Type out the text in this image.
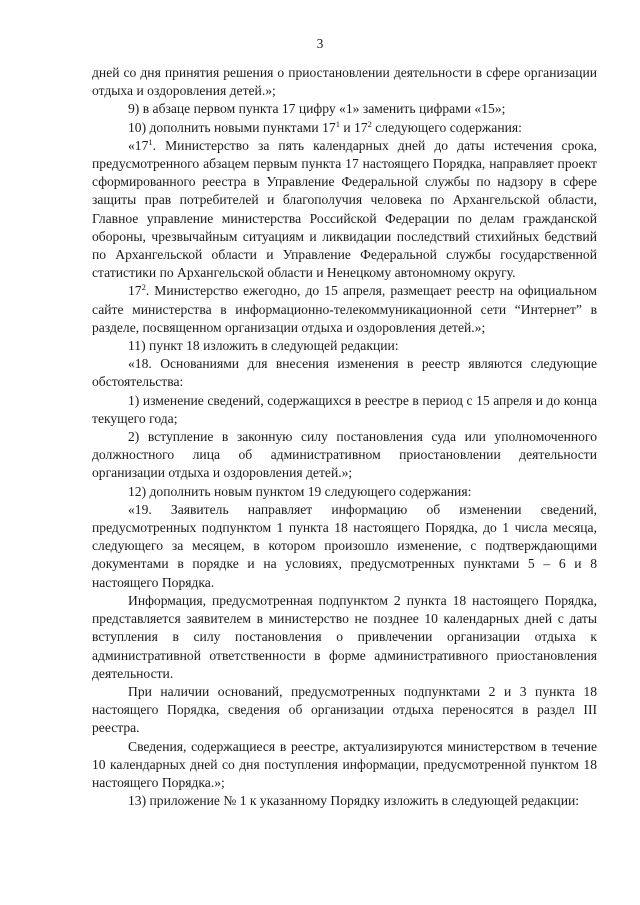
3

дней со дня принятия решения о приостановлении деятельности в сфере организации отдыха и оздоровления детей.»;

9) в абзаце первом пункта 17 цифру «1» заменить цифрами «15»;

10) дополнить новыми пунктами $17^1$ и $17^2$ следующего содержания:

«$17^1$. Министерство за пять календарных дней до даты истечения срока, предусмотренного абзацем первым пункта 17 настоящего Порядка, направляет проект сформированного реестра в Управление Федеральной службы по надзору в сфере защиты прав потребителей и благополучия человека по Архангельской области, Главное управление министерства Российской Федерации по делам гражданской обороны, чрезвычайным ситуациям и ликвидации последствий стихийных бедствий по Архангельской области и Управление Федеральной службы государственной статистики по Архангельской области и Ненецкому автономному округу.

$17^2$. Министерство ежегодно, до 15 апреля, размещает реестр на официальном сайте министерства в информационно-телекоммуникационной сети “Интернет” в разделе, посвященном организации отдыха и оздоровления детей.»;

11) пункт 18 изложить в следующей редакции:

«18. Основаниями для внесения изменения в реестр являются следующие обстоятельства:

1) изменение сведений, содержащихся в реестре в период с 15 апреля и до конца текущего года;

2) вступление в законную силу постановления суда или уполномоченного должностного лица об административном приостановлении деятельности организации отдыха и оздоровления детей.»;

12) дополнить новым пунктом 19 следующего содержания:

«19. Заявитель направляет информацию об изменении сведений, предусмотренных подпунктом 1 пункта 18 настоящего Порядка, до 1 числа месяца, следующего за месяцем, в котором произошло изменение, с подтверждающими документами в порядке и на условиях, предусмотренных пунктами 5 – 6 и 8 настоящего Порядка.

Информация, предусмотренная подпунктом 2 пункта 18 настоящего Порядка, представляется заявителем в министерство не позднее 10 календарных дней с даты вступления в силу постановления о привлечении организации отдыха к административной ответственности в форме административного приостановления деятельности.

При наличии оснований, предусмотренных подпунктами 2 и 3 пункта 18 настоящего Порядка, сведения об организации отдыха переносятся в раздел III реестра.

Сведения, содержащиеся в реестре, актуализируются министерством в течение 10 календарных дней со дня поступления информации, предусмотренной пунктом 18 настоящего Порядка.»;

13) приложение № 1 к указанному Порядку изложить в следующей редакции:
